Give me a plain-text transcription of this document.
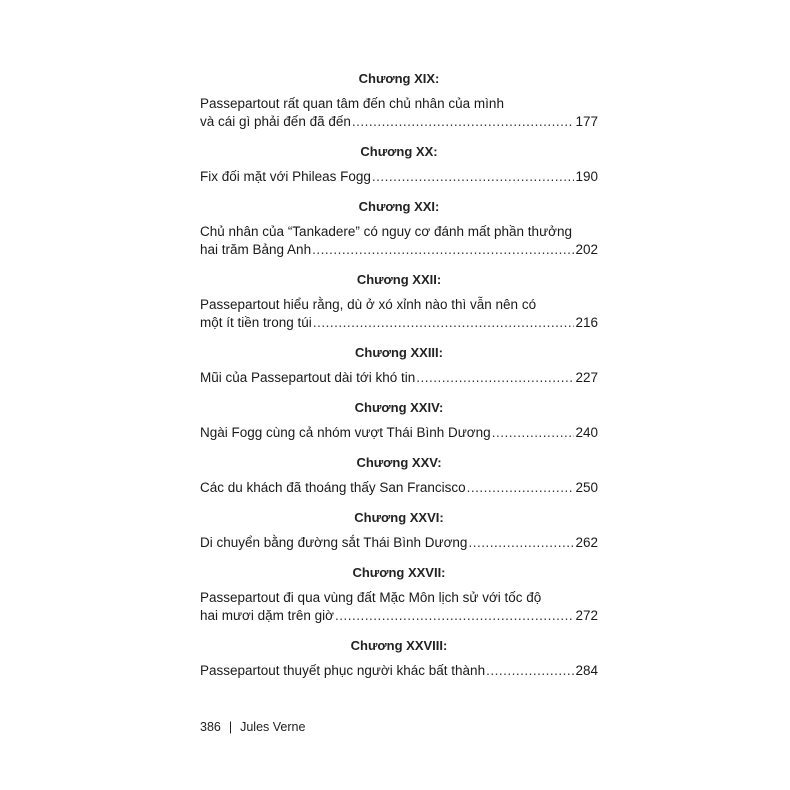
Chương XIX:
Passepartout rất quan tâm đến chủ nhân của mình
và cái gì phải đến đã đến .....	177
Chương XX:
Fix đối mặt với Phileas Fogg .....	190
Chương XXI:
Chủ nhân của “Tankadere” có nguy cơ đánh mất phần thưởng
hai trăm Bảng Anh .....	202
Chương XXII:
Passepartout hiểu rằng, dù ở xó xỉnh nào thì vẫn nên có
một ít tiền trong túi .....	216
Chương XXIII:
Mũi của Passepartout dài tới khó tin .....	227
Chương XXIV:
Ngài Fogg cùng cả nhóm vượt Thái Bình Dương .....	240
Chương XXV:
Các du khách đã thoáng thấy San Francisco .....	250
Chương XXVI:
Di chuyển bằng đường sắt Thái Bình Dương .....	262
Chương XXVII:
Passepartout đi qua vùng đất Mặc Môn lịch sử với tốc độ
hai mươi dặm trên giờ .....	272
Chương XXVIII:
Passepartout thuyết phục người khác bất thành .....	284
386 | Jules Verne
